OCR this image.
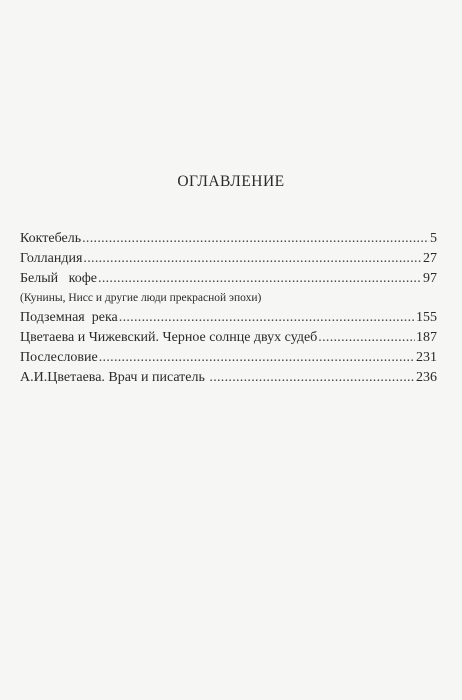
ОГЛАВЛЕНИЕ
Коктебель .....	5
Голландия .....	27
Белый   кофе .....	97
(Кунины, Нисс и другие люди прекрасной эпохи)
Подземная  река .....	155
Цветаева и Чижевский. Черное солнце двух судеб .....	187
Послесловие .....	231
А.И.Цветаева. Врач и писатель .....	236
